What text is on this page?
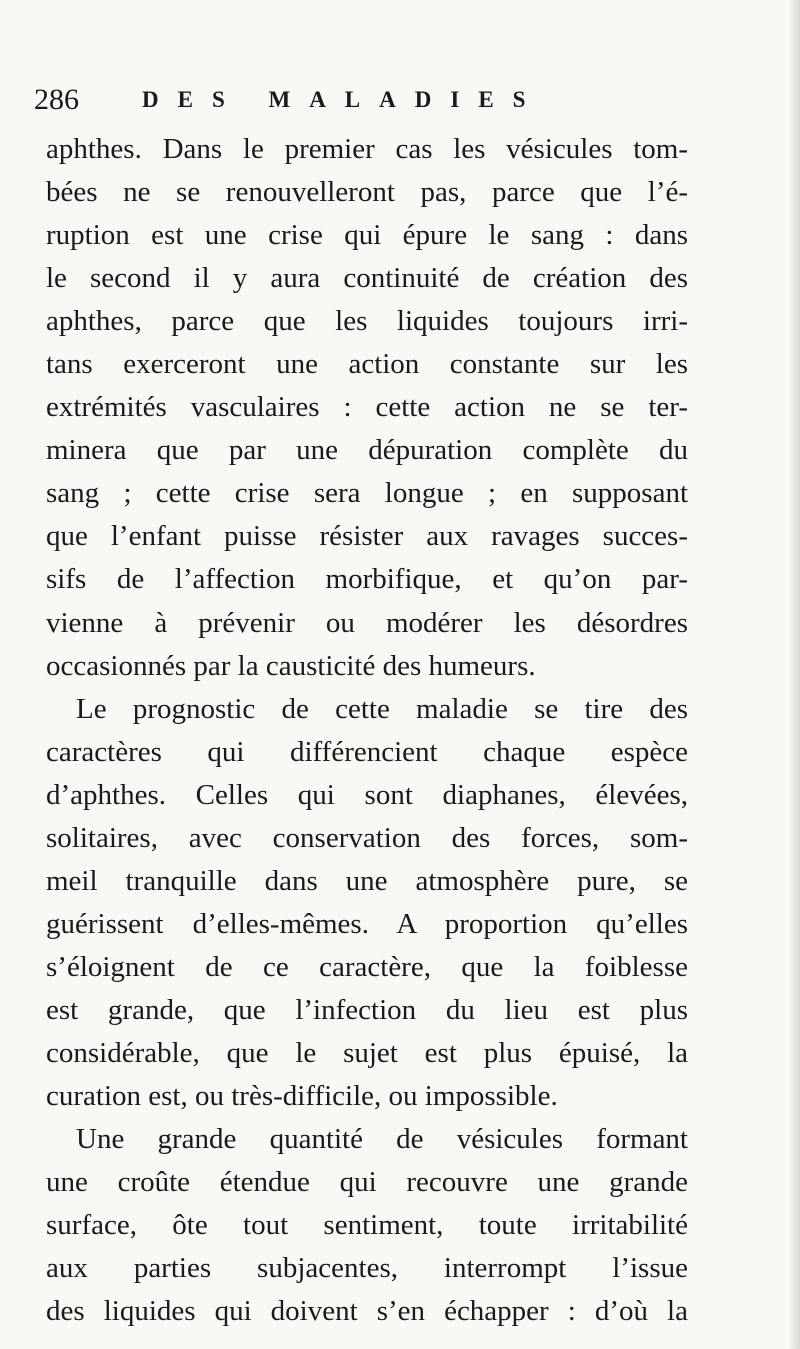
286	DES MALADIES
aphthes. Dans le premier cas les vésicules tom-
bées ne se renouvelleront pas, parce que l’é-
ruption est une crise qui épure le sang : dans
le second il y aura continuité de création des
aphthes, parce que les liquides toujours irri-
tans exerceront une action constante sur les
extrémités vasculaires : cette action ne se ter-
minera que par une dépuration complète du
sang ; cette crise sera longue ; en supposant
que l’enfant puisse résister aux ravages succes-
sifs de l’affection morbifique, et qu’on par-
vienne à prévenir ou modérer les désordres
occasionnés par la causticité des humeurs.
Le prognostic de cette maladie se tire des
caractères qui différencient chaque espèce
d’aphthes. Celles qui sont diaphanes, élevées,
solitaires, avec conservation des forces, som-
meil tranquille dans une atmosphère pure, se
guérissent d’elles-mêmes. A proportion qu’elles
s’éloignent de ce caractère, que la foiblesse
est grande, que l’infection du lieu est plus
considérable, que le sujet est plus épuisé, la
curation est, ou très-difficile, ou impossible.
Une grande quantité de vésicules formant
une croûte étendue qui recouvre une grande
surface, ôte tout sentiment, toute irritabilité
aux parties subjacentes, interrompt l’issue
des liquides qui doivent s’en échapper : d’où la
